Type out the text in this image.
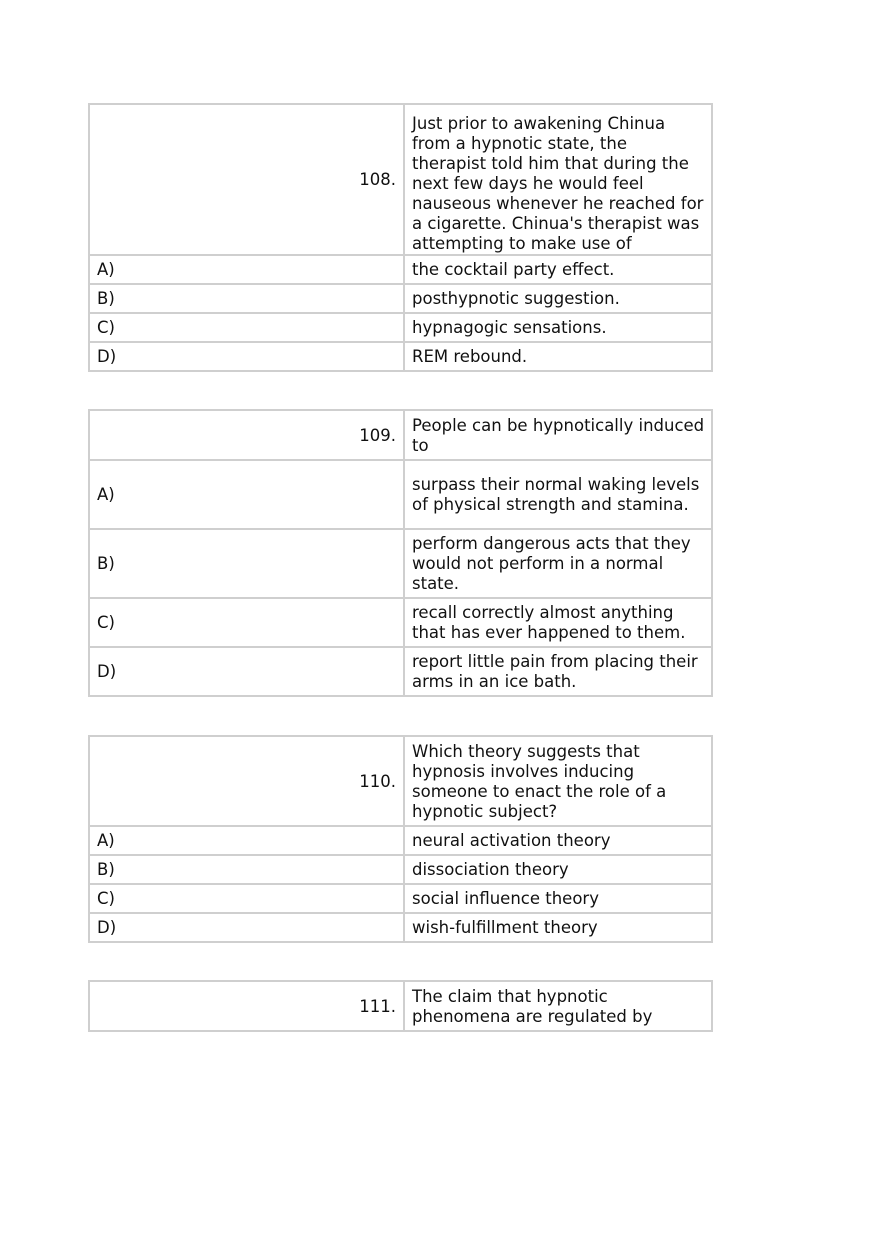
108.	Just prior to awakening Chinua from a hypnotic state, the therapist told him that during the next few days he would feel nauseous whenever he reached for a cigarette. Chinua's therapist was attempting to make use of
A)	the cocktail party effect.
B)	posthypnotic suggestion.
C)	hypnagogic sensations.
D)	REM rebound.
109.	People can be hypnotically induced to
A)	surpass their normal waking levels of physical strength and stamina.
B)	perform dangerous acts that they would not perform in a normal state.
C)	recall correctly almost anything that has ever happened to them.
D)	report little pain from placing their arms in an ice bath.
110.	Which theory suggests that hypnosis involves inducing someone to enact the role of a hypnotic subject?
A)	neural activation theory
B)	dissociation theory
C)	social influence theory
D)	wish-fulfillment theory
111.	The claim that hypnotic phenomena are regulated by
